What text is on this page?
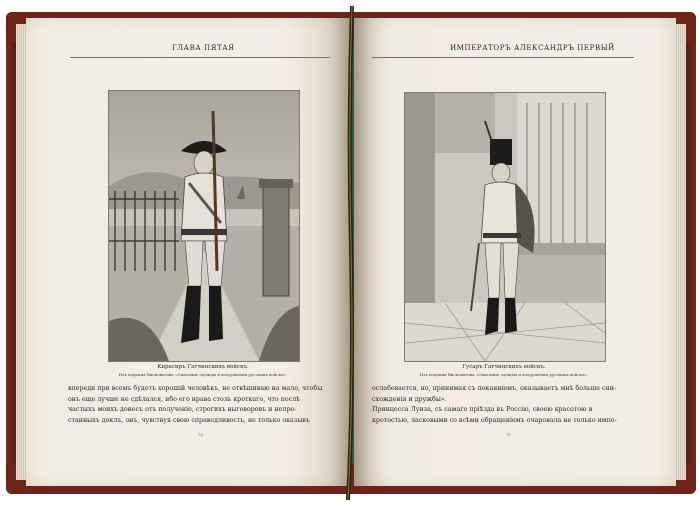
ГЛАВА ПЯТАЯ
Кирасиръ Гатчинскихъ войскъ.
Изъ издания Висковатова «Описание одежды и вооружения русскихъ войскъ».
впереди при всемъ будетъ хорошій человѣкъ, не отвѣшиваю на мало, чтобы
онъ еще лучше не сдѣлался, ибо его нрава столь кроткаго, что послѣ
частыхъ моихъ донесъ отъ полученіе, строгихъ выговоровъ и непре-
станныхъ доклъ, онъ, чувствуя свою справедливость, не только оказывъ
70
ИМПЕРАТОРЪ АЛЕКСАНДРЪ ПЕРВЫЙ
Гусаръ Гатчинскихъ войскъ.
Изъ издания Висковатова «Описание одежды и вооружения русскихъ войскъ».
ослабевается, но, принимая съ покаяніемъ, оказываетъ мнѣ больше сни-
схожденія и дружбы».
Принцесса Луиза, съ самаго пріѣзда въ Россію, своею красотою и
кротостью, ласковыми со всѣми обращеніемъ очаровала не только импе-
71
